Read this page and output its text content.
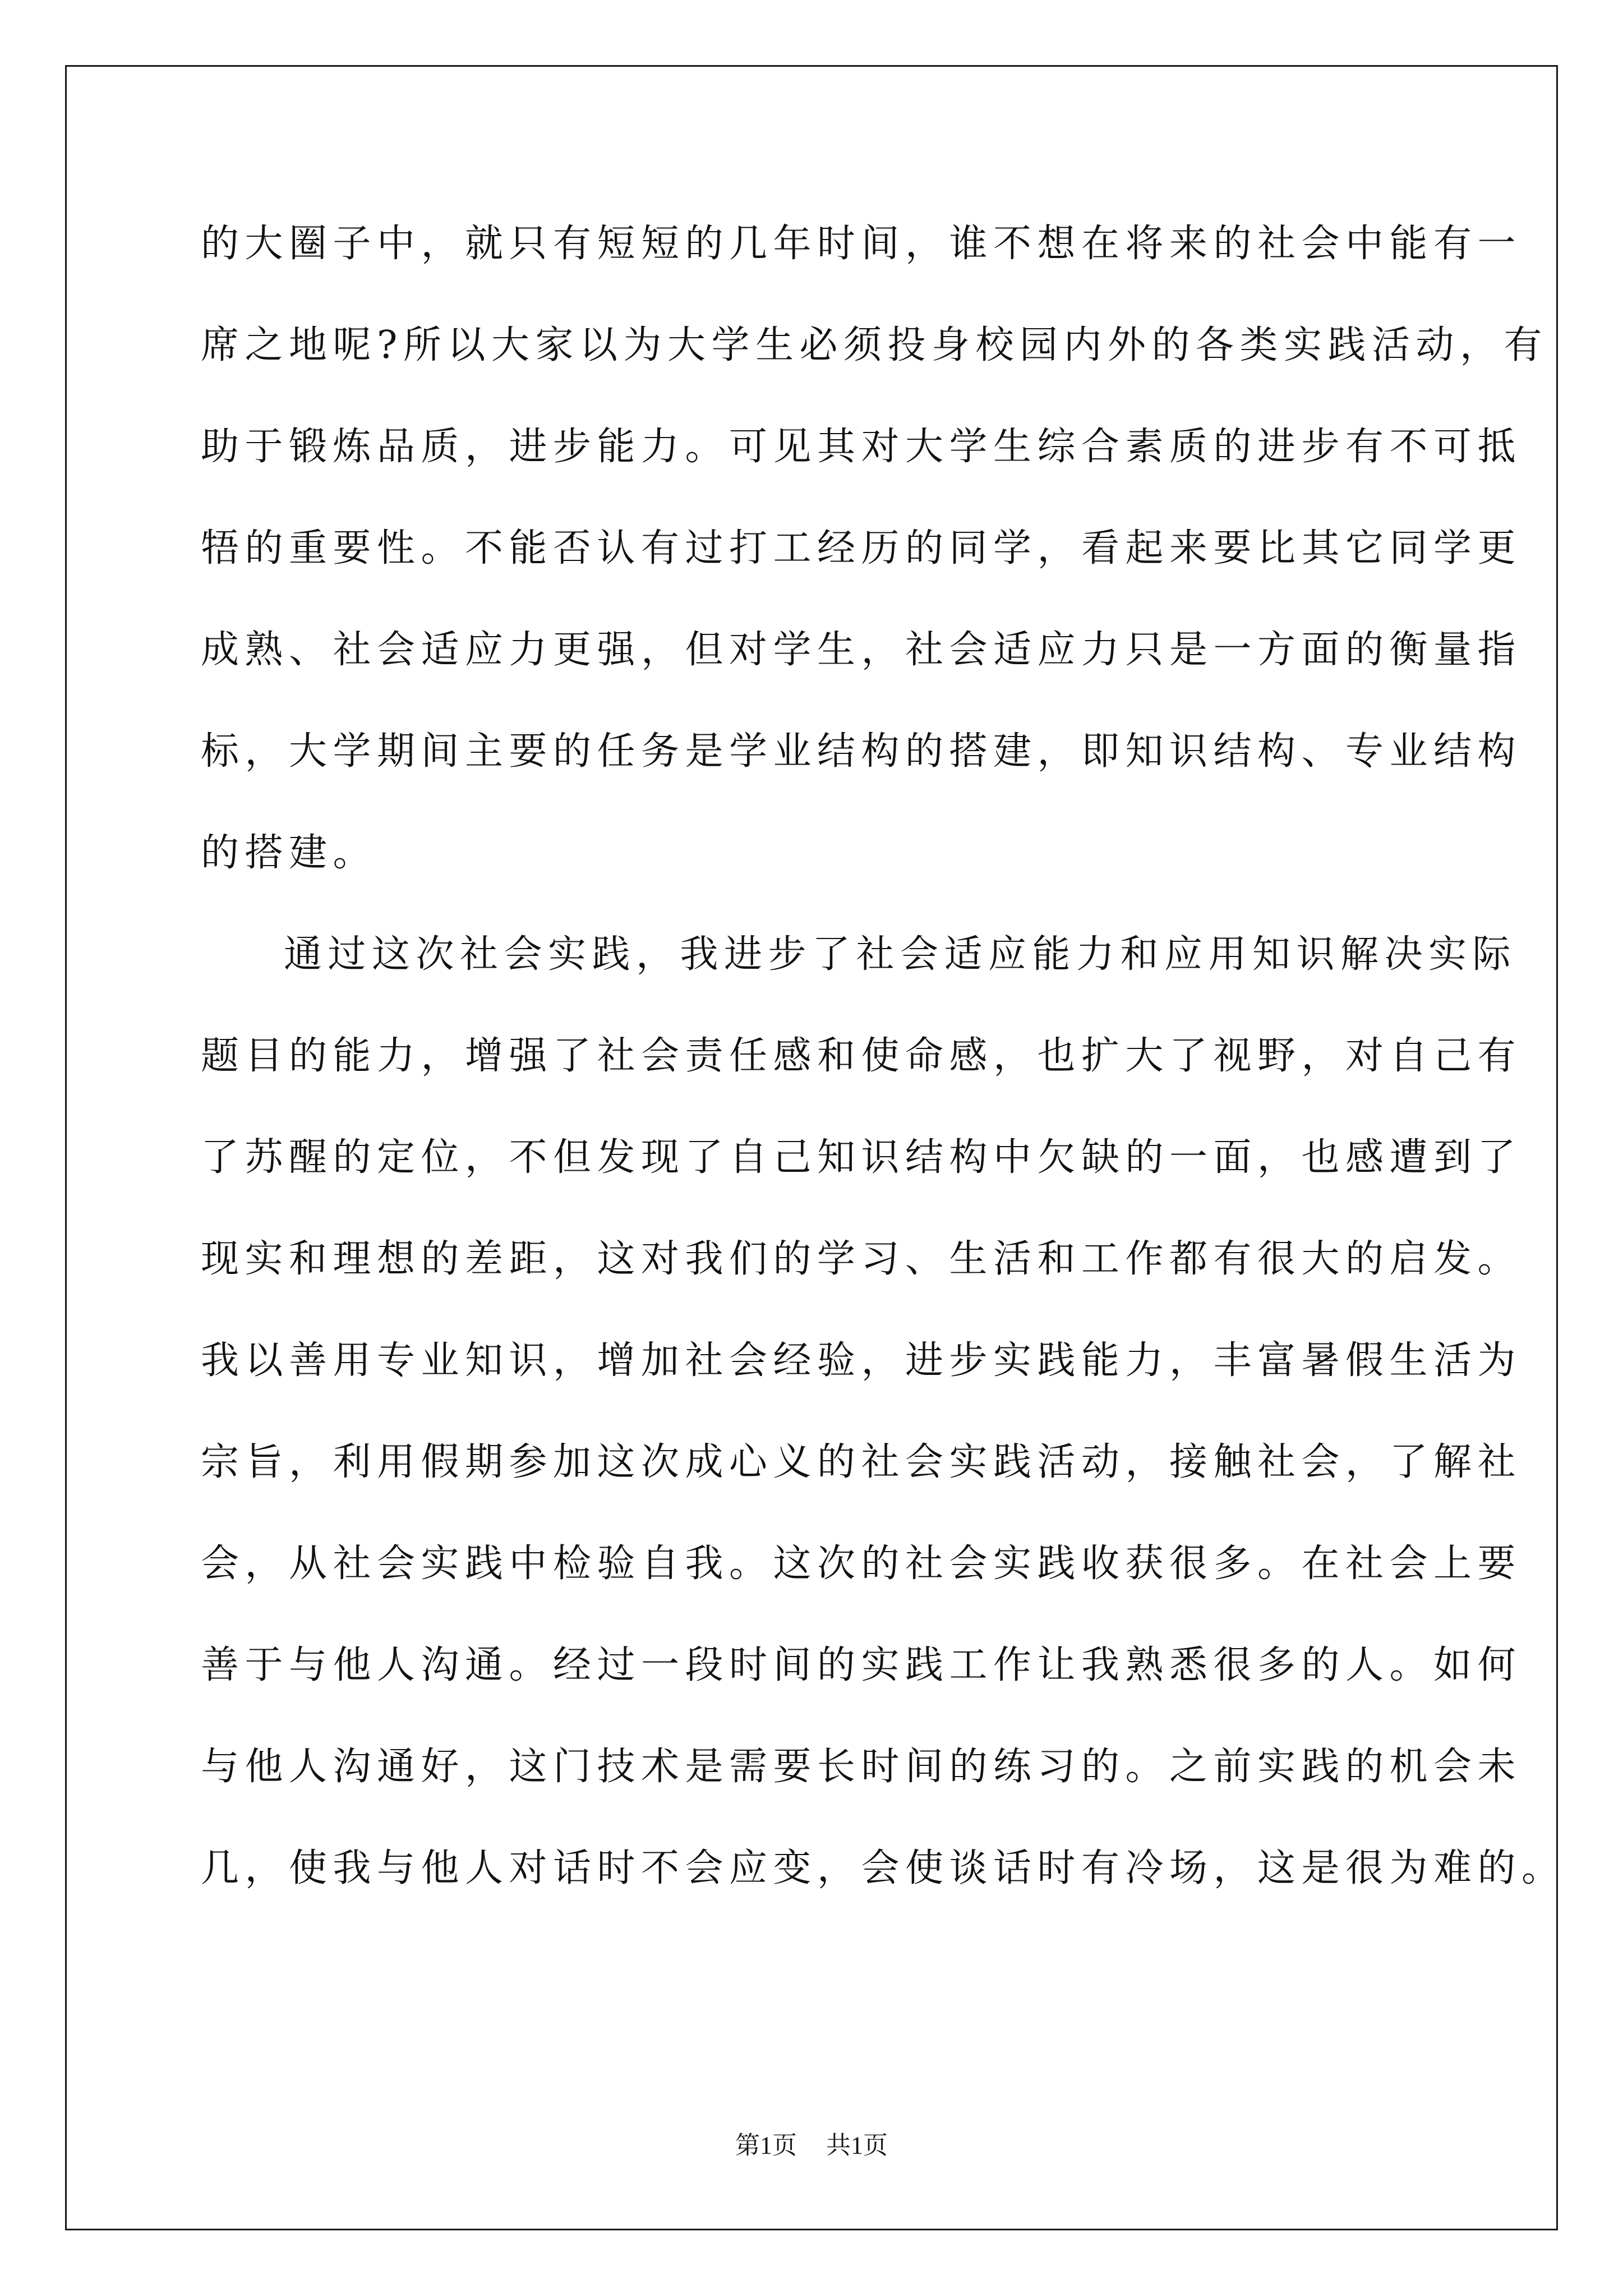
的大圈子中，就只有短短的几年时间，谁不想在将来的社会中能有一
席之地呢?所以大家以为大学生必须投身校园内外的各类实践活动，有
助于锻炼品质，进步能力。可见其对大学生综合素质的进步有不可抵
牾的重要性。不能否认有过打工经历的同学，看起来要比其它同学更
成熟、社会适应力更强，但对学生，社会适应力只是一方面的衡量指
标，大学期间主要的任务是学业结构的搭建，即知识结构、专业结构
的搭建。
通过这次社会实践，我进步了社会适应能力和应用知识解决实际
题目的能力，增强了社会责任感和使命感，也扩大了视野，对自己有
了苏醒的定位，不但发现了自己知识结构中欠缺的一面，也感遭到了
现实和理想的差距，这对我们的学习、生活和工作都有很大的启发。
我以善用专业知识，增加社会经验，进步实践能力，丰富暑假生活为
宗旨，利用假期参加这次成心义的社会实践活动，接触社会，了解社
会，从社会实践中检验自我。这次的社会实践收获很多。在社会上要
善于与他人沟通。经过一段时间的实践工作让我熟悉很多的人。如何
与他人沟通好，这门技术是需要长时间的练习的。之前实践的机会未
几，使我与他人对话时不会应变，会使谈话时有冷场，这是很为难的。
第1页 共1页
